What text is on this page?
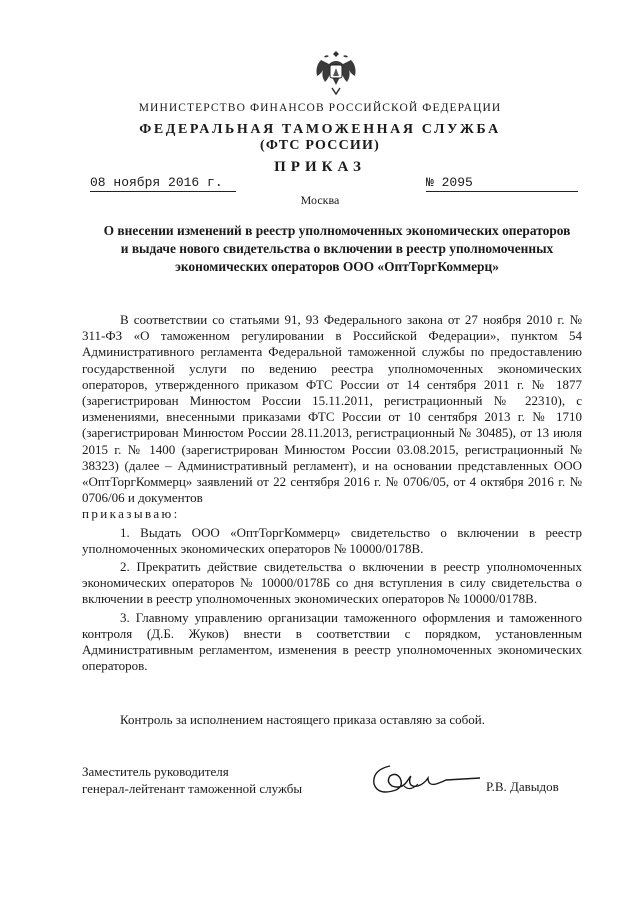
МИНИСТЕРСТВО ФИНАНСОВ РОССИЙСКОЙ ФЕДЕРАЦИИ
ФЕДЕРАЛЬНАЯ ТАМОЖЕННАЯ СЛУЖБА
(ФТС РОССИИ)
ПРИКАЗ
08 ноября 2016 г.	№ 2095
Москва
О внесении изменений в реестр уполномоченных экономических операторов
и выдаче нового свидетельства о включении в реестр уполномоченных
экономических операторов ООО «ОптТоргКоммерц»

В соответствии со статьями 91, 93 Федерального закона от 27 ноября 2010 г. № 311-ФЗ «О таможенном регулировании в Российской Федерации», пунктом 54 Административного регламента Федеральной таможенной службы по предоставлению государственной услуги по ведению реестра уполномоченных экономических операторов, утвержденного приказом ФТС России от 14 сентября 2011 г. № 1877 (зарегистрирован Минюстом России 15.11.2011, регистрационный № 22310), с изменениями, внесенными приказами ФТС России от 10 сентября 2013 г. № 1710 (зарегистрирован Минюстом России 28.11.2013, регистрационный № 30485), от 13 июля 2015 г. № 1400 (зарегистрирован Минюстом России 03.08.2015, регистрационный № 38323) (далее – Административный регламент), и на основании представленных ООО «ОптТоргКоммерц» заявлений от 22 сентября 2016 г. № 0706/05, от 4 октября 2016 г. № 0706/06 и документов

приказываю:

1. Выдать ООО «ОптТоргКоммерц» свидетельство о включении в реестр уполномоченных экономических операторов № 10000/0178В.

2. Прекратить действие свидетельства о включении в реестр уполномоченных экономических операторов № 10000/0178Б со дня вступления в силу свидетельства о включении в реестр уполномоченных экономических операторов № 10000/0178В.

3. Главному управлению организации таможенного оформления и таможенного контроля (Д.Б. Жуков) внести в соответствии с порядком, установленным Административным регламентом, изменения в реестр уполномоченных экономических операторов.

Контроль за исполнением настоящего приказа оставляю за собой.
Заместитель руководителя
генерал-лейтенант таможенной службы	Р.В. Давыдов
